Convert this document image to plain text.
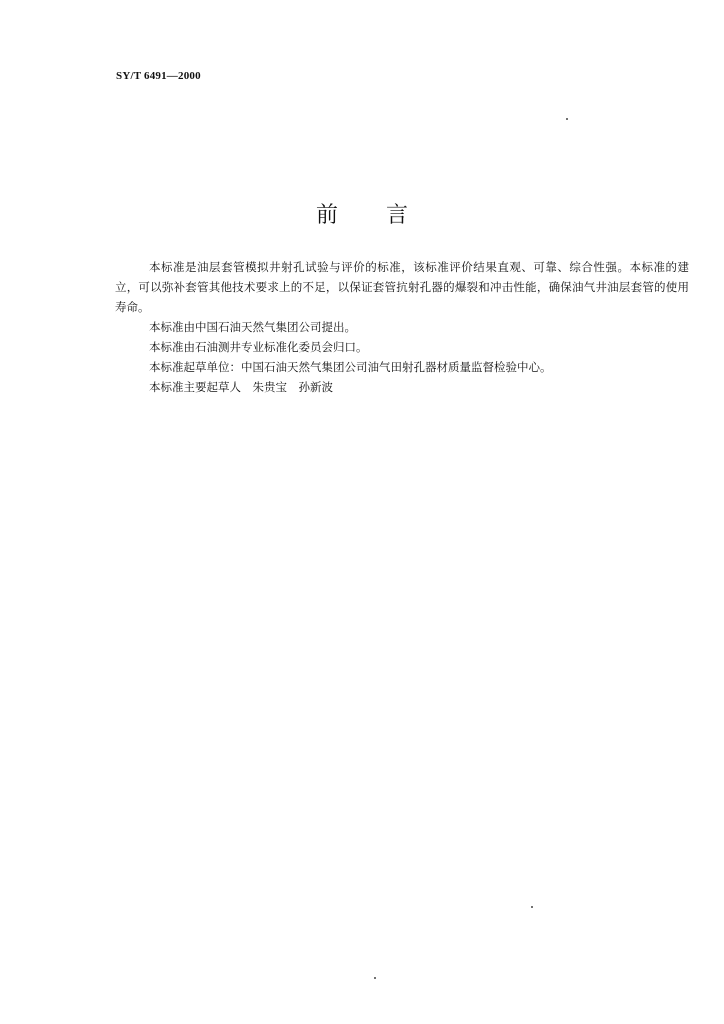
SY/T 6491—2000
前 言

本标准是油层套管模拟井射孔试验与评价的标准，该标准评价结果直观、可靠、综合性强。本标准的建立，可以弥补套管其他技术要求上的不足，以保证套管抗射孔器的爆裂和冲击性能，确保油气井油层套管的使用寿命。

本标准由中国石油天然气集团公司提出。

本标准由石油测井专业标准化委员会归口。

本标准起草单位：中国石油天然气集团公司油气田射孔器材质量监督检验中心。

本标准主要起草人　朱贵宝　孙新波
